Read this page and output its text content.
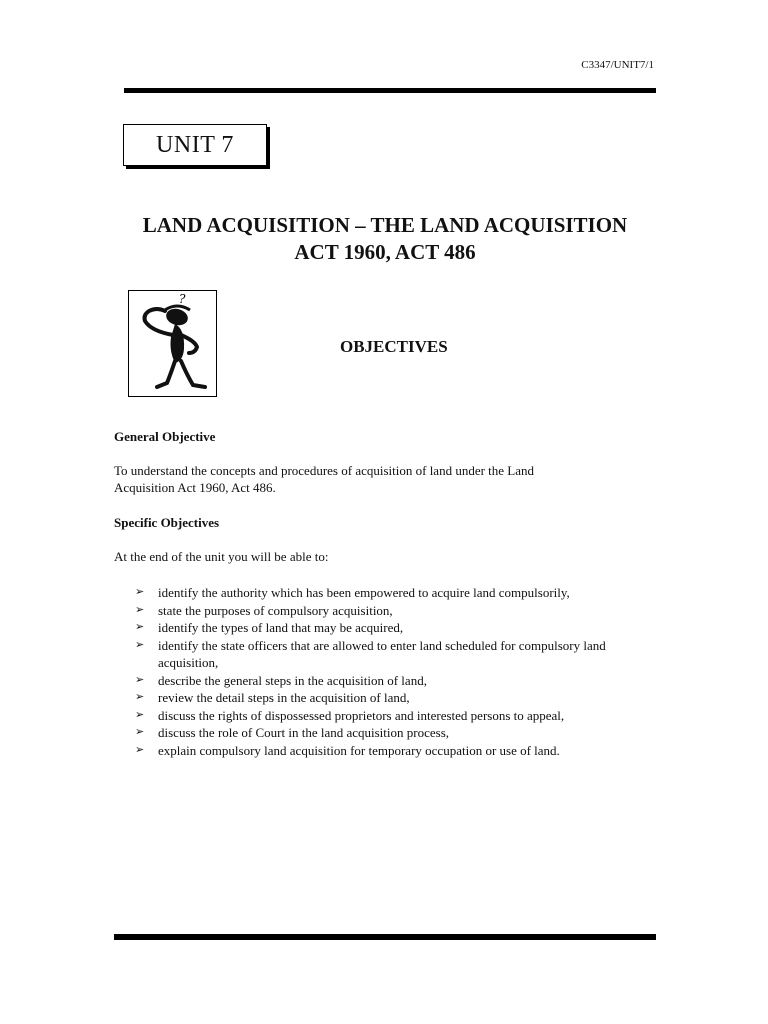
C3347/UNIT7/1
UNIT 7
LAND ACQUISITION – THE LAND ACQUISITION
ACT 1960, ACT 486
?
OBJECTIVES
General Objective
To understand the concepts and procedures of acquisition of land under the Land
Acquisition Act 1960, Act 486.
Specific Objectives
At the end of the unit you will be able to:
➢	identify the authority which has been empowered to acquire land compulsorily,
➢	state the purposes of compulsory acquisition,
➢	identify the types of land that may be acquired,
➢	identify the state officers that are allowed to enter land scheduled for compulsory land acquisition,
➢	describe the general steps in the acquisition of land,
➢	review the detail steps in the acquisition of land,
➢	discuss the rights of dispossessed proprietors and interested persons to appeal,
➢	discuss the role of Court in the land acquisition process,
➢	explain compulsory land acquisition for temporary occupation or use of land.
